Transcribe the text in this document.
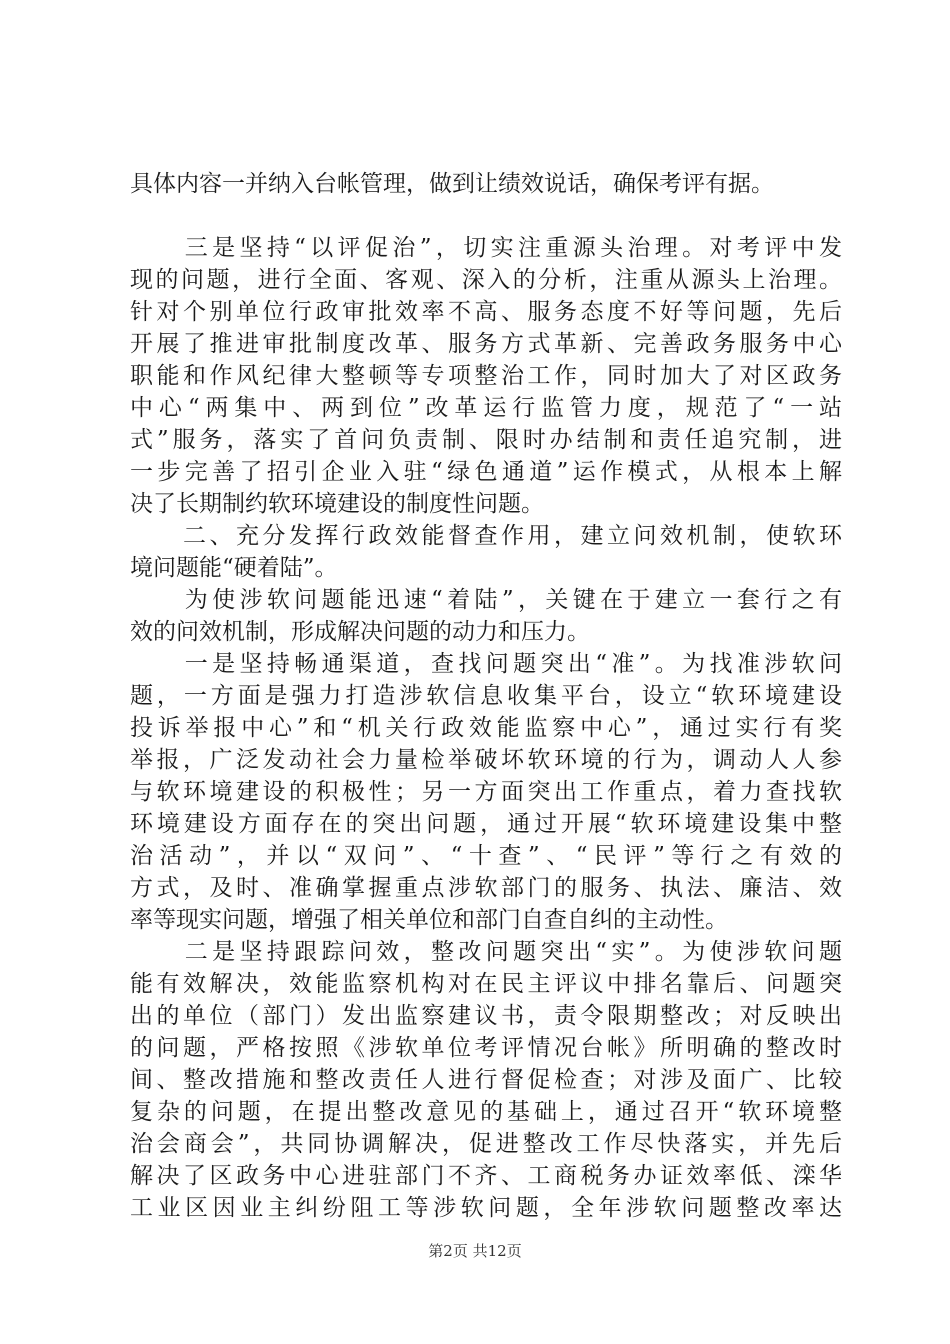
具体内容一并纳入台帐管理，做到让绩效说话，确保考评有据。
　　三是坚持“以评促治”，切实注重源头治理。对考评中发
现的问题，进行全面、客观、深入的分析，注重从源头上治理。
针对个别单位行政审批效率不高、服务态度不好等问题，先后
开展了推进审批制度改革、服务方式革新、完善政务服务中心
职能和作风纪律大整顿等专项整治工作，同时加大了对区政务
中心“两集中、两到位”改革运行监管力度，规范了“一站
式”服务，落实了首问负责制、限时办结制和责任追究制，进
一步完善了招引企业入驻“绿色通道”运作模式，从根本上解
决了长期制约软环境建设的制度性问题。
　　二、充分发挥行政效能督查作用，建立问效机制，使软环
境问题能“硬着陆”。
　　为使涉软问题能迅速“着陆”，关键在于建立一套行之有
效的问效机制，形成解决问题的动力和压力。
　　一是坚持畅通渠道，查找问题突出“准”。为找准涉软问
题，一方面是强力打造涉软信息收集平台，设立“软环境建设
投诉举报中心”和“机关行政效能监察中心”，通过实行有奖
举报，广泛发动社会力量检举破坏软环境的行为，调动人人参
与软环境建设的积极性；另一方面突出工作重点，着力查找软
环境建设方面存在的突出问题，通过开展“软环境建设集中整
治活动”，并以“双问”、“十查”、“民评”等行之有效的
方式，及时、准确掌握重点涉软部门的服务、执法、廉洁、效
率等现实问题，增强了相关单位和部门自查自纠的主动性。
　　二是坚持跟踪问效，整改问题突出“实”。为使涉软问题
能有效解决，效能监察机构对在民主评议中排名靠后、问题突
出的单位（部门）发出监察建议书，责令限期整改；对反映出
的问题，严格按照《涉软单位考评情况台帐》所明确的整改时
间、整改措施和整改责任人进行督促检查；对涉及面广、比较
复杂的问题，在提出整改意见的基础上，通过召开“软环境整
治会商会”，共同协调解决，促进整改工作尽快落实，并先后
解决了区政务中心进驻部门不齐、工商税务办证效率低、滦华
工业区因业主纠纷阻工等涉软问题，全年涉软问题整改率达
第2页 共12页
